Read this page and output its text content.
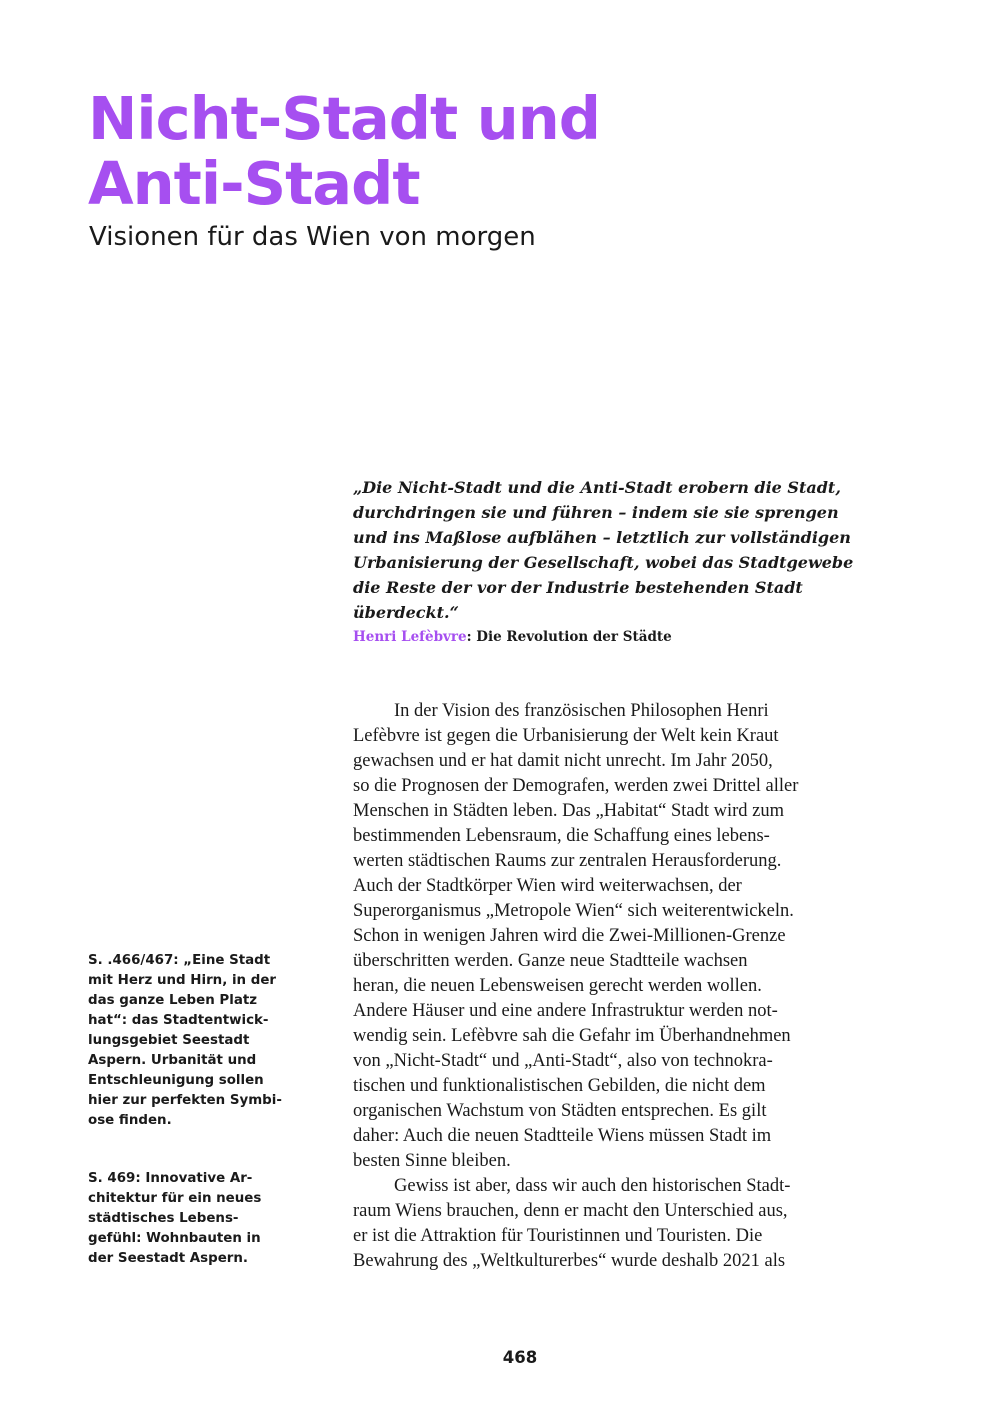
Nicht-Stadt und
Anti-Stadt
Visionen für das Wien von morgen
„Die Nicht-Stadt und die Anti-Stadt erobern die Stadt,
durchdringen sie und führen – indem sie sie sprengen
und ins Maßlose aufblähen – letztlich zur vollständigen
Urbanisierung der Gesellschaft, wobei das Stadtgewebe
die Reste der vor der Industrie bestehenden Stadt
überdeckt.“

Henri Lefèbvre: Die Revolution der Städte

In der Vision des französischen Philosophen Henri
Lefèbvre ist gegen die Urbanisierung der Welt kein Kraut
gewachsen und er hat damit nicht unrecht. Im Jahr 2050,
so die Prognosen der Demografen, werden zwei Drittel aller
Menschen in Städten leben. Das „Habitat“ Stadt wird zum
bestimmenden Lebensraum, die Schaffung eines lebens-
werten städtischen Raums zur zentralen Herausforderung.
Auch der Stadtkörper Wien wird weiterwachsen, der
Superorganismus „Metropole Wien“ sich weiterentwickeln.
Schon in wenigen Jahren wird die Zwei-Millionen-Grenze
überschritten werden. Ganze neue Stadtteile wachsen
heran, die neuen Lebensweisen gerecht werden wollen.
Andere Häuser und eine andere Infrastruktur werden not-
wendig sein. Lefèbvre sah die Gefahr im Überhandnehmen
von „Nicht-Stadt“ und „Anti-Stadt“, also von technokra-
tischen und funktionalistischen Gebilden, die nicht dem
organischen Wachstum von Städten entsprechen. Es gilt
daher: Auch die neuen Stadtteile Wiens müssen Stadt im
besten Sinne bleiben.
Gewiss ist aber, dass wir auch den historischen Stadt-
raum Wiens brauchen, denn er macht den Unterschied aus,
er ist die Attraktion für Touristinnen und Touristen. Die
Bewahrung des „Weltkulturerbes“ wurde deshalb 2021 als
S. .466/467: „Eine Stadt
mit Herz und Hirn, in der
das ganze Leben Platz
hat“: das Stadtentwick-
lungsgebiet Seestadt
Aspern. Urbanität und
Entschleunigung sollen
hier zur perfekten Symbi-
ose finden.
S. 469: Innovative Ar-
chitektur für ein neues
städtisches Lebens-
gefühl: Wohnbauten in
der Seestadt Aspern.
468
